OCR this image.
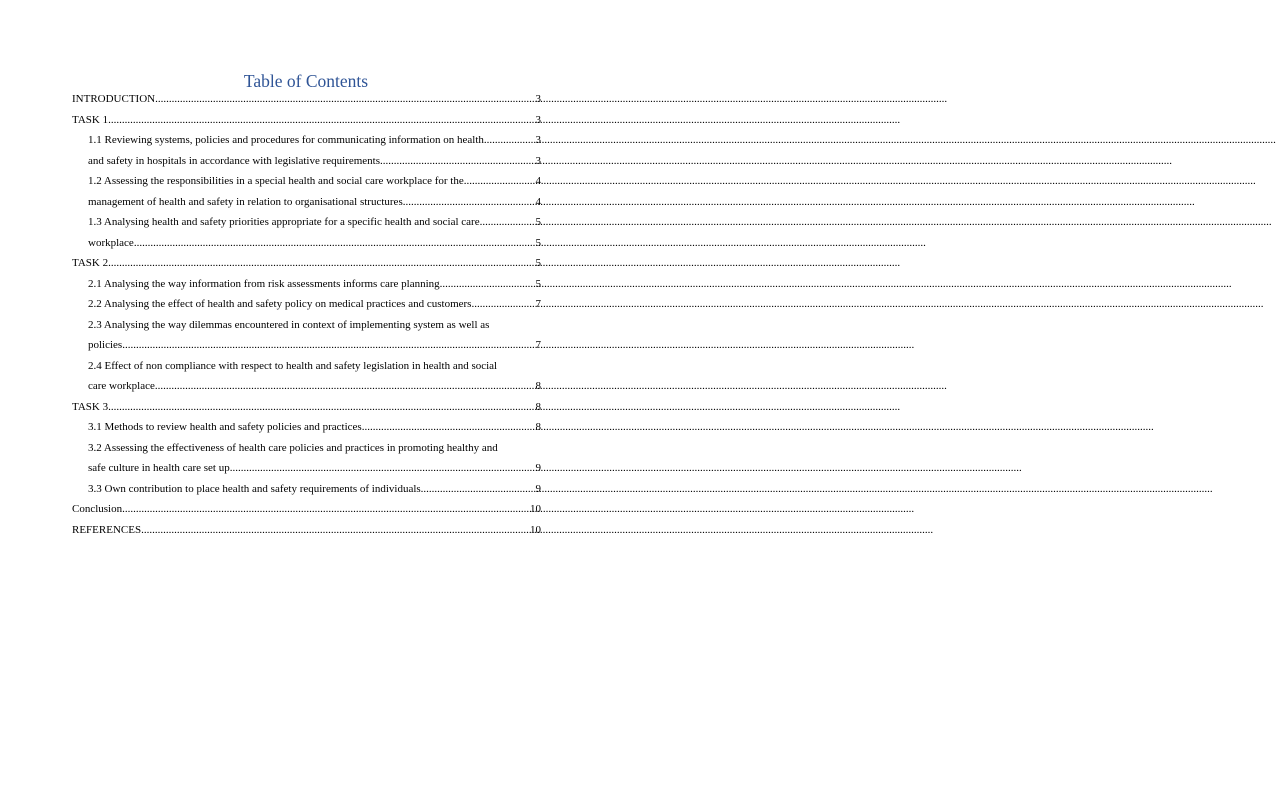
Table of Contents
INTRODUCTION .....	3
TASK 1 .....	3
1.1 Reviewing systems, policies and procedures for communicating information on health .....	3
and safety in hospitals in accordance with legislative requirements .....	3
1.2 Assessing the responsibilities in a special health and social care workplace for the .....	4
management of health and safety in relation to organisational structures .....	4
1.3 Analysing health and safety priorities appropriate for a specific health and social care .....	5
workplace .....	5
TASK 2 .....	5
2.1 Analysing the way information from risk assessments informs care planning .....	5
2.2 Analysing the effect of health and safety policy on medical practices and customers .....	7
2.3 Analysing the way dilemmas encountered in context of implementing system as well as
policies .....	7
2.4 Effect of non compliance with respect to health and safety legislation in health and social
care workplace .....	8
TASK 3 .....	8
3.1 Methods to review health and safety policies and practices .....	8
3.2 Assessing the effectiveness of health care policies and practices in promoting healthy and
safe culture in health care set up .....	9
3.3 Own contribution to place health and safety requirements of individuals .....	9
Conclusion .....	10
REFERENCES .....	10
